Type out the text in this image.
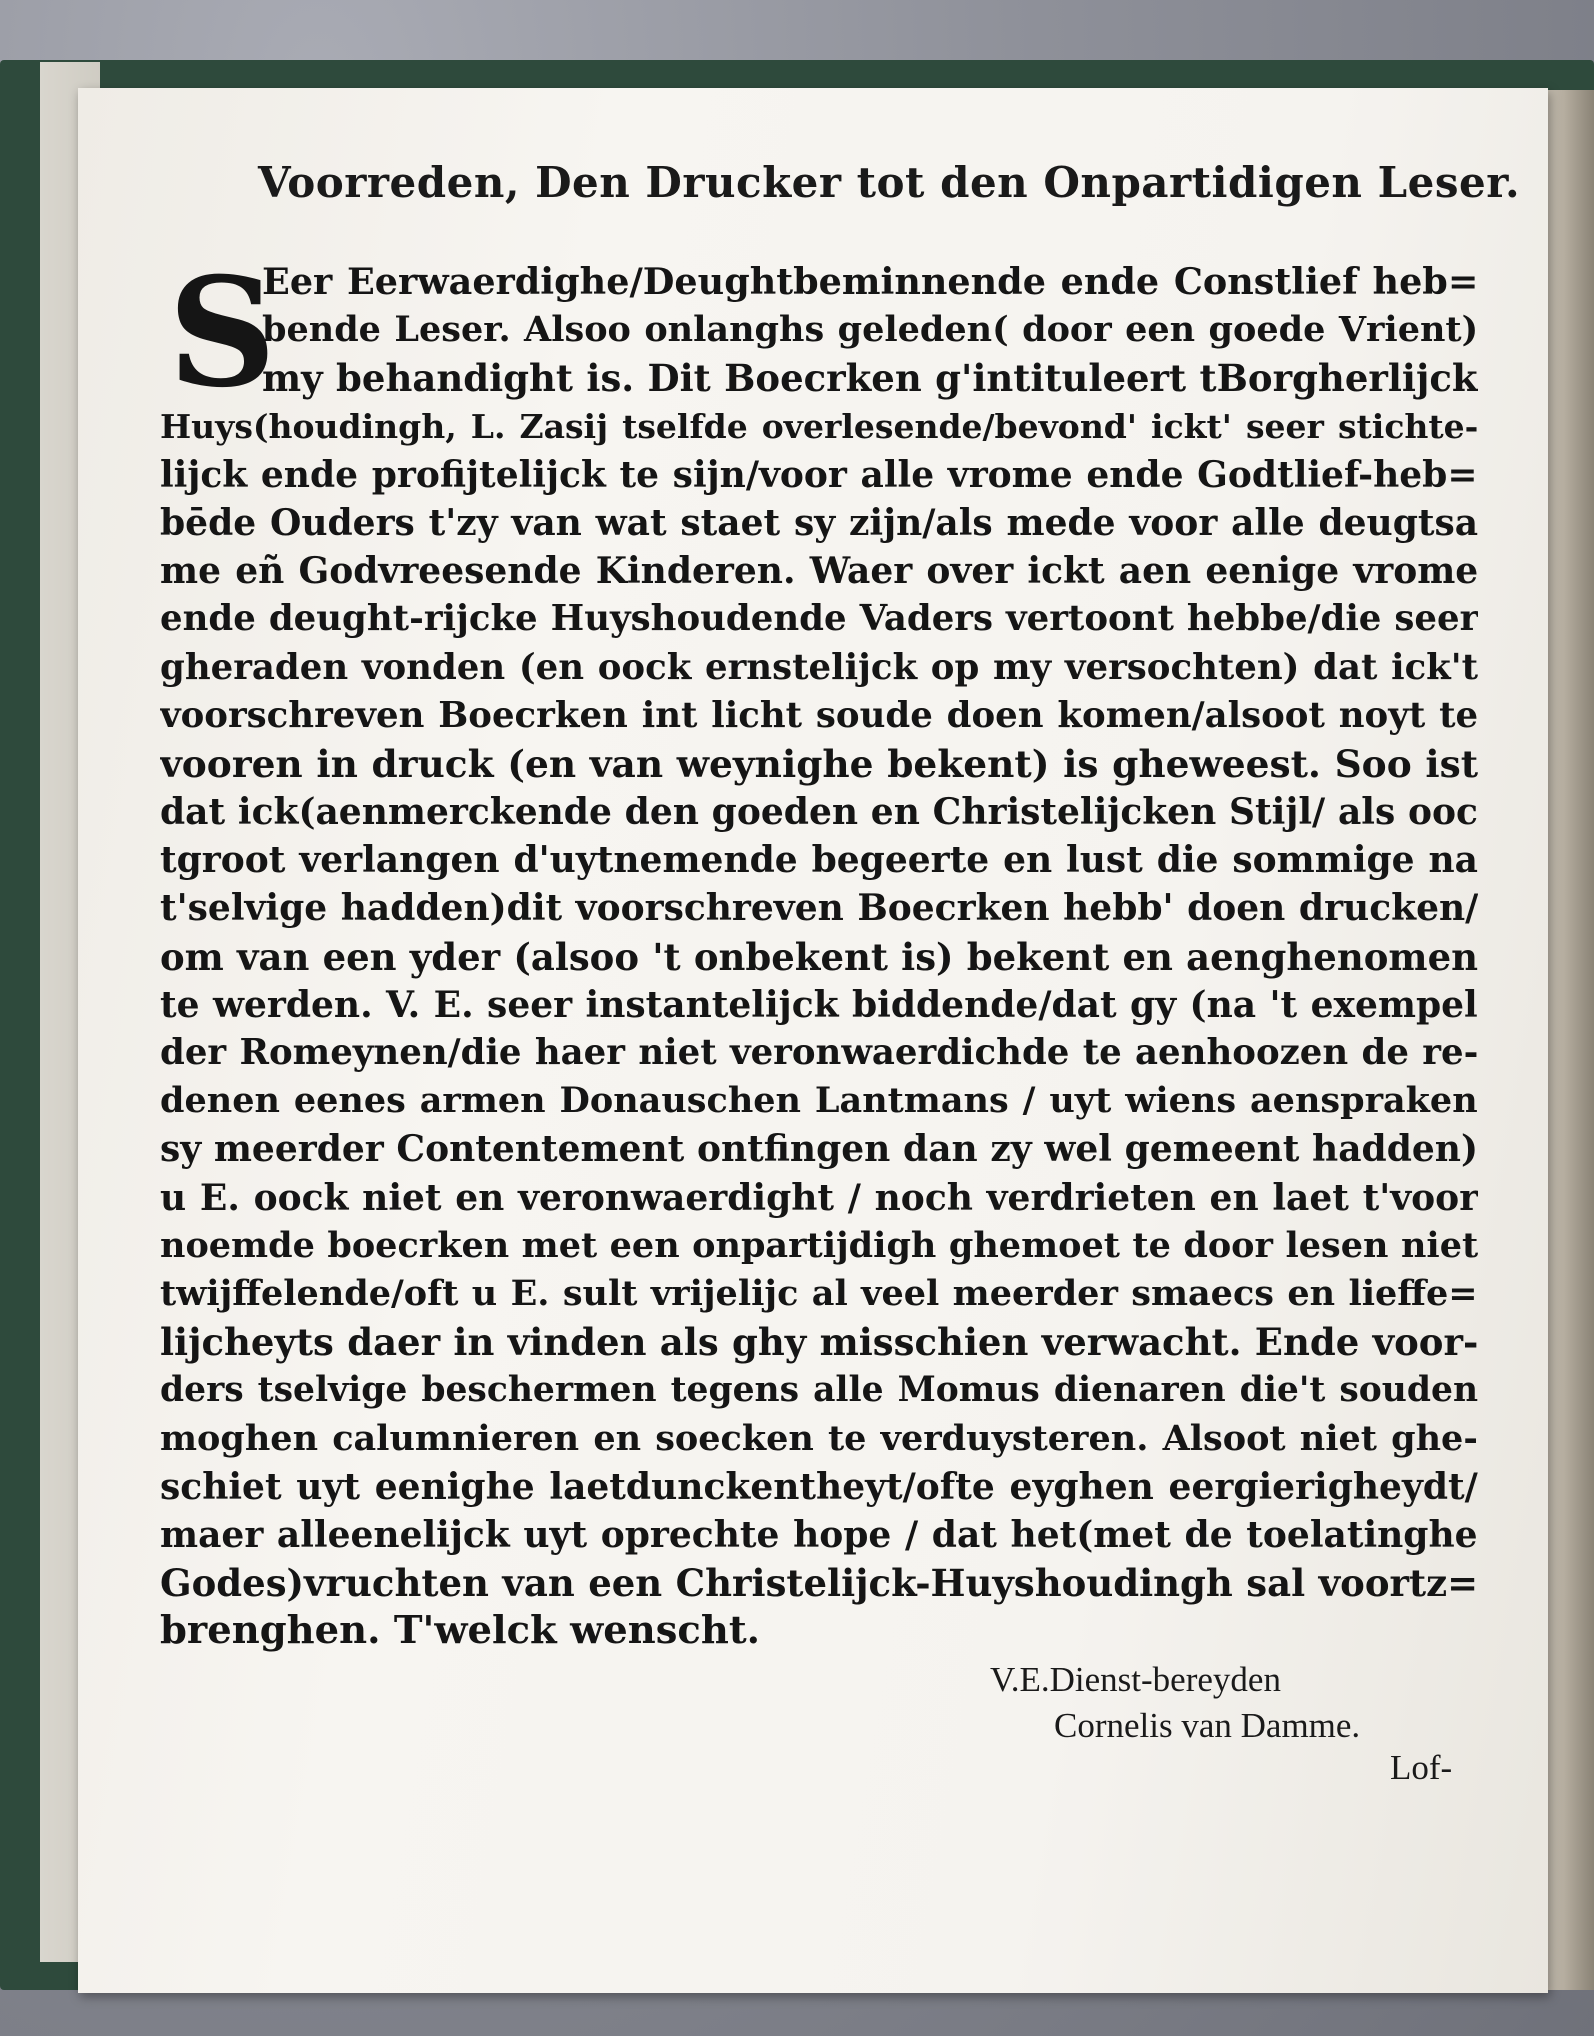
Voorreden, Den Drucker tot den Onpartidigen Leser.
S
Eer Eerwaerdighe/Deughtbeminnende ende Constlief heb=
bende Leser. Alsoo onlanghs geleden( door een goede Vrient)
my behandight is. Dit Boecrken g'intituleert tBorgherlijck
Huys(houdingh, L. Zasij tselfde overlesende/bevond' ickt' seer stichte-
lijck ende profijtelijck te sijn/voor alle vrome ende Godtlief-heb=
bēde Ouders t'zy van wat staet sy zijn/als mede voor alle deugtsa
me eñ Godvreesende Kinderen. Waer over ickt aen eenige vrome
ende deught-rijcke Huyshoudende Vaders vertoont hebbe/die seer
gheraden vonden (en oock ernstelijck op my versochten) dat ick't
voorschreven Boecrken int licht soude doen komen/alsoot noyt te
vooren in druck (en van weynighe bekent) is gheweest. Soo ist
dat ick(aenmerckende den goeden en Christelijcken Stijl/ als ooc
tgroot verlangen d'uytnemende begeerte en lust die sommige na
t'selvige hadden)dit voorschreven Boecrken hebb' doen drucken/
om van een yder (alsoo 't onbekent is) bekent en aenghenomen
te werden. V. E. seer instantelijck biddende/dat gy (na 't exempel
der Romeynen/die haer niet veronwaerdichde te aenhoozen de re-
denen eenes armen Donauschen Lantmans / uyt wiens aenspraken
sy meerder Contentement ontfingen dan zy wel gemeent hadden)
u E. oock niet en veronwaerdight / noch verdrieten en laet t'voor
noemde boecrken met een onpartijdigh ghemoet te door lesen niet
twijffelende/oft u E. sult vrijelijc al veel meerder smaecs en lieffe=
lijcheyts daer in vinden als ghy misschien verwacht. Ende voor-
ders tselvige beschermen tegens alle Momus dienaren die't souden
moghen calumnieren en soecken te verduysteren. Alsoot niet ghe-
schiet uyt eenighe laetdunckentheyt/ofte eyghen eergierigheydt/
maer alleenelijck uyt oprechte hope / dat het(met de toelatinghe
Godes)vruchten van een Christelijck-Huyshoudingh sal voortz=
brenghen. T'welck wenscht.
V.E.Dienst-bereyden
Cornelis van Damme.
Lof-
